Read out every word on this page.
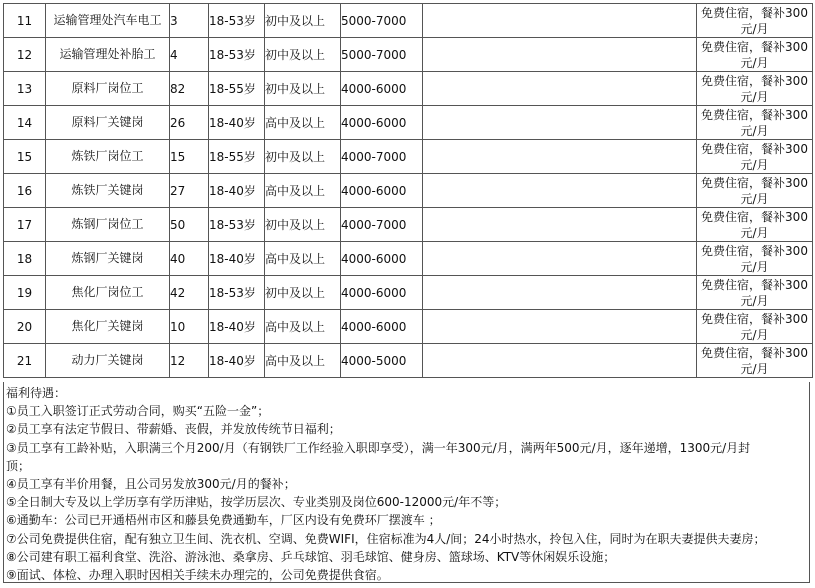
11	运输管理处汽车电工	3	18-53岁	初中及以上	5000-7000		免费住宿，餐补300元/月
12	运输管理处补胎工	4	18-53岁	初中及以上	5000-7000		免费住宿，餐补300元/月
13	原料厂岗位工	82	18-55岁	初中及以上	4000-6000		免费住宿，餐补300元/月
14	原料厂关键岗	26	18-40岁	高中及以上	4000-6000		免费住宿，餐补300元/月
15	炼铁厂岗位工	15	18-55岁	初中及以上	4000-7000		免费住宿，餐补300元/月
16	炼铁厂关键岗	27	18-40岁	高中及以上	4000-6000		免费住宿，餐补300元/月
17	炼钢厂岗位工	50	18-53岁	初中及以上	4000-7000		免费住宿，餐补300元/月
18	炼钢厂关键岗	40	18-40岁	高中及以上	4000-6000		免费住宿，餐补300元/月
19	焦化厂岗位工	42	18-53岁	初中及以上	4000-6000		免费住宿，餐补300元/月
20	焦化厂关键岗	10	18-40岁	高中及以上	4000-6000		免费住宿，餐补300元/月
21	动力厂关键岗	12	18-40岁	高中及以上	4000-5000		免费住宿，餐补300元/月
福利待遇：
①员工入职签订正式劳动合同，购买“五险一金”；
②员工享有法定节假日、带薪婚、丧假，并发放传统节日福利；
③员工享有工龄补贴，入职满三个月200/月（有钢铁厂工作经验入职即享受），满一年300元/月，满两年500元/月，逐年递增，1300元/月封
顶；
④员工享有半价用餐，且公司另发放300元/月的餐补；
⑤全日制大专及以上学历享有学历津贴，按学历层次、专业类别及岗位600-12000元/年不等；
⑥通勤车：公司已开通梧州市区和藤县免费通勤车，厂区内设有免费环厂摆渡车 ；
⑦公司免费提供住宿，配有独立卫生间、洗衣机、空调、免费WIFI，住宿标准为4人/间；24小时热水，拎包入住，同时为在职夫妻提供夫妻房；
⑧公司建有职工福利食堂、洗浴、游泳池、桑拿房、乒乓球馆、羽毛球馆、健身房、篮球场、KTV等休闲娱乐设施；
⑨面试、体检、办理入职时因相关手续未办理完的，公司免费提供食宿。
